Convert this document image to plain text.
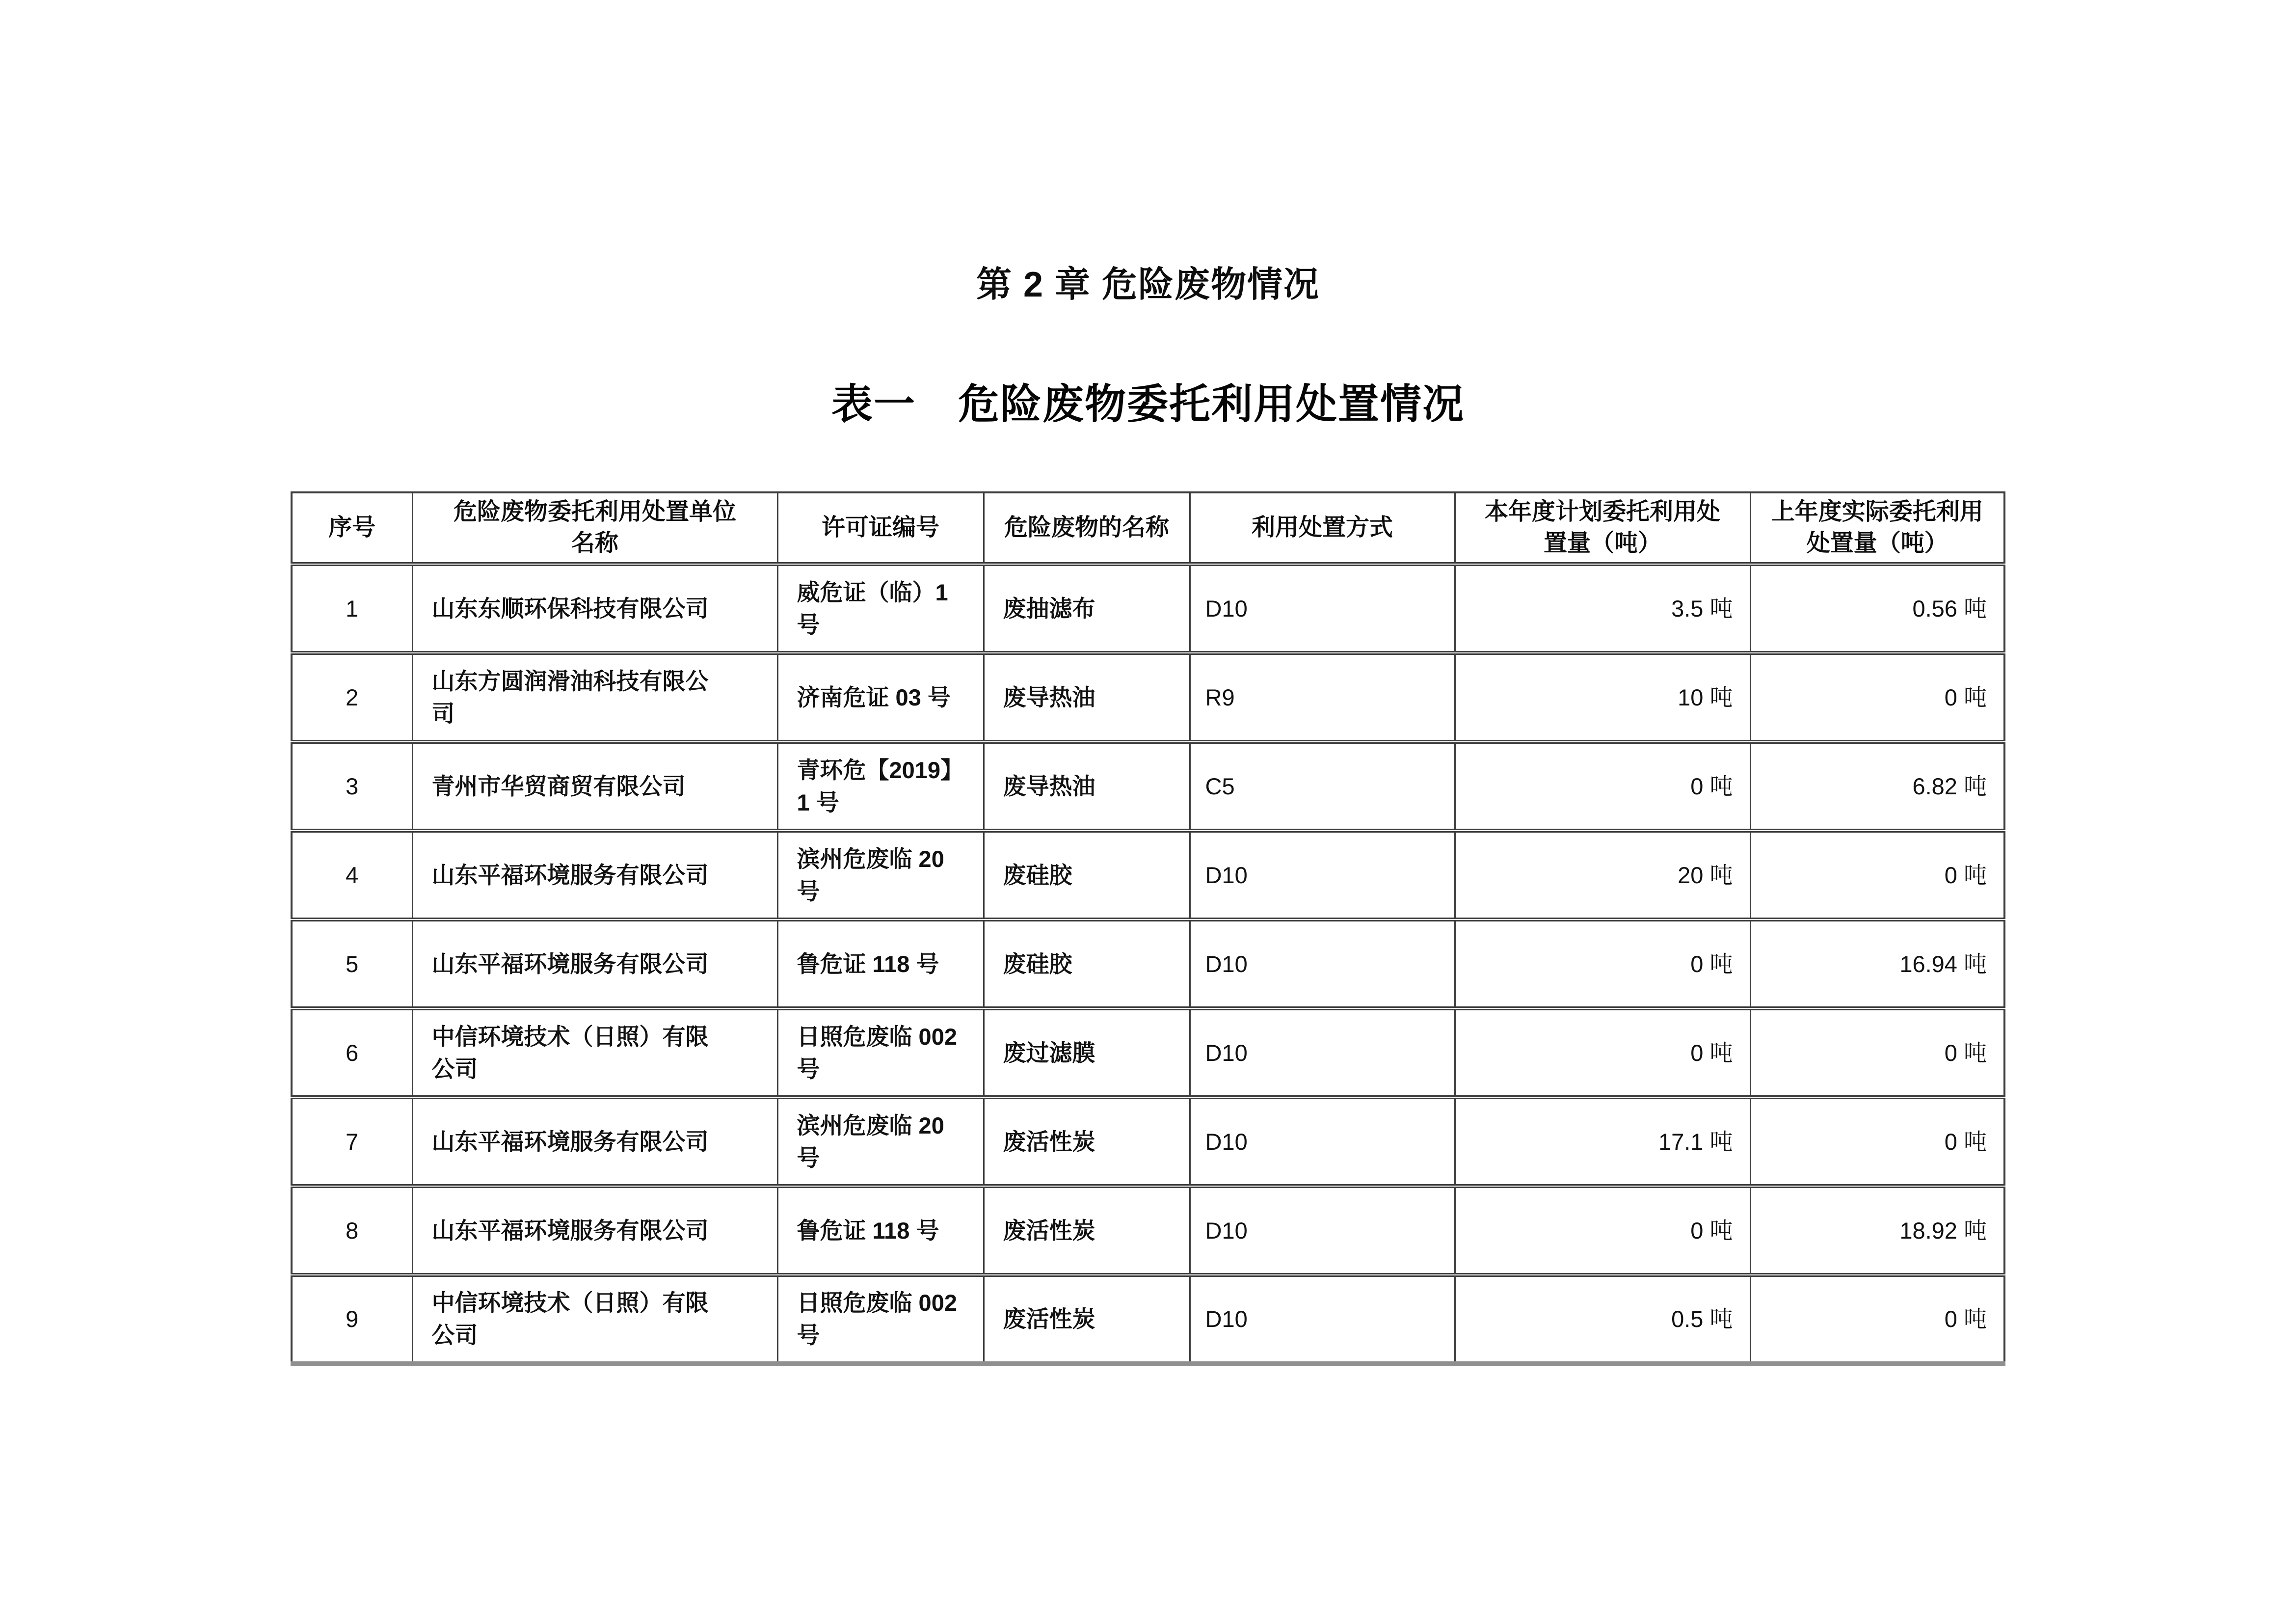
第 2 章 危险废物情况
表一　危险废物委托利用处置情况
序号	危险废物委托利用处置单位名称	许可证编号	危险废物的名称	利用处置方式	本年度计划委托利用处置量（吨）	上年度实际委托利用处置量（吨）
1	山东东顺环保科技有限公司	威危证（临）1 号	废抽滤布	D10	3.5 吨	0.56 吨
2	山东方圆润滑油科技有限公司	济南危证 03 号	废导热油	R9	10 吨	0 吨
3	青州市华贸商贸有限公司	青环危【2019】1 号	废导热油	C5	0 吨	6.82 吨
4	山东平福环境服务有限公司	滨州危废临 20 号	废硅胶	D10	20 吨	0 吨
5	山东平福环境服务有限公司	鲁危证 118 号	废硅胶	D10	0 吨	16.94 吨
6	中信环境技术（日照）有限公司	日照危废临 002 号	废过滤膜	D10	0 吨	0 吨
7	山东平福环境服务有限公司	滨州危废临 20 号	废活性炭	D10	17.1 吨	0 吨
8	山东平福环境服务有限公司	鲁危证 118 号	废活性炭	D10	0 吨	18.92 吨
9	中信环境技术（日照）有限公司	日照危废临 002 号	废活性炭	D10	0.5 吨	0 吨
